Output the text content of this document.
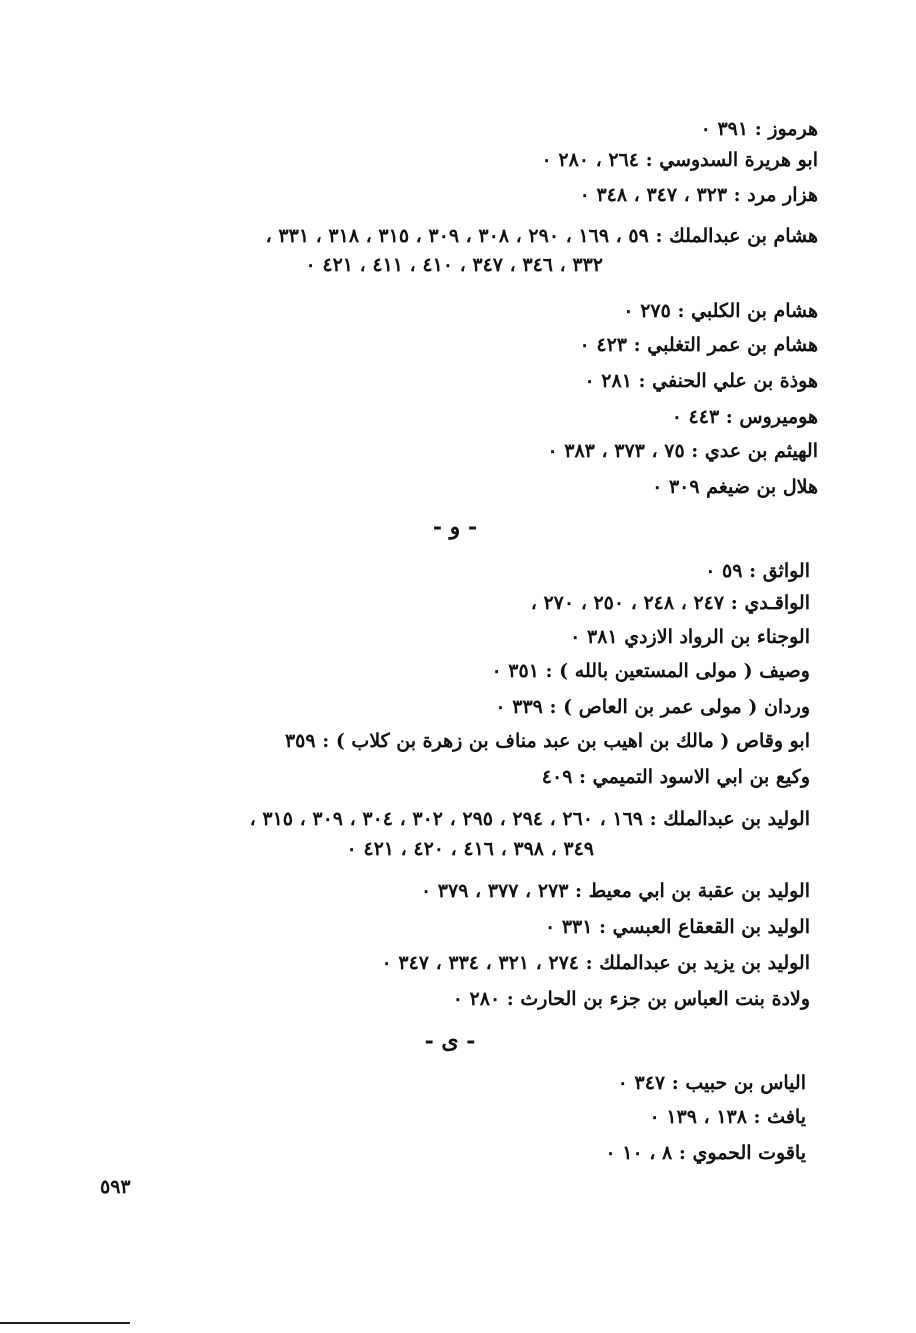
هرموز : ٣٩١ ٠
ابو هريرة السدوسي : ٢٦٤ ، ٢٨٠ ٠
هزار مرد : ٣٢٣ ، ٣٤٧ ، ٣٤٨ ٠
هشام بن عبدالملك : ٥٩ ، ١٦٩ ، ٢٩٠ ، ٣٠٨ ، ٣٠٩ ، ٣١٥ ، ٣١٨ ، ٣٣١ ،
٣٣٢ ، ٣٤٦ ، ٣٤٧ ، ٤١٠ ، ٤١١ ، ٤٢١ ٠
هشام بن الكلبي : ٢٧٥ ٠
هشام بن عمر التغلبي : ٤٢٣ ٠
هوذة بن علي الحنفي : ٢٨١ ٠
هوميروس : ٤٤٣ ٠
الهيثم بن عدي : ٧٥ ، ٣٧٣ ، ٣٨٣ ٠
هلال بن ضيغم ٣٠٩ ٠
- و -
الواثق : ٥٩ ٠
الواقـدي : ٢٤٧ ، ٢٤٨ ، ٢٥٠ ، ٢٧٠ ،
الوجناء بن الرواد الازدي ٣٨١ ٠
وصيف ( مولى المستعين بالله ) : ٣٥١ ٠
وردان ( مولى عمر بن العاص ) : ٣٣٩ ٠
ابو وقاص ( مالك بن اهيب بن عبد مناف بن زهرة بن كلاب ) : ٣٥٩
وكيع بن ابي الاسود التميمي : ٤٠٩
الوليد بن عبدالملك : ١٦٩ ، ٢٦٠ ، ٢٩٤ ، ٢٩٥ ، ٣٠٢ ، ٣٠٤ ، ٣٠٩ ، ٣١٥ ،
٣٤٩ ، ٣٩٨ ، ٤١٦ ، ٤٢٠ ، ٤٢١ ٠
الوليد بن عقبة بن ابي معيط : ٢٧٣ ، ٣٧٧ ، ٣٧٩ ٠
الوليد بن القعقاع العبسي : ٣٣١ ٠
الوليد بن يزيد بن عبدالملك : ٢٧٤ ، ٣٢١ ، ٣٣٤ ، ٣٤٧ ٠
ولادة بنت العباس بن جزء بن الحارث : ٢٨٠ ٠
- ى -
الياس بن حبيب : ٣٤٧ ٠
يافث : ١٣٨ ، ١٣٩ ٠
ياقوت الحموي : ٨ ، ١٠ ٠
٥٩٣
